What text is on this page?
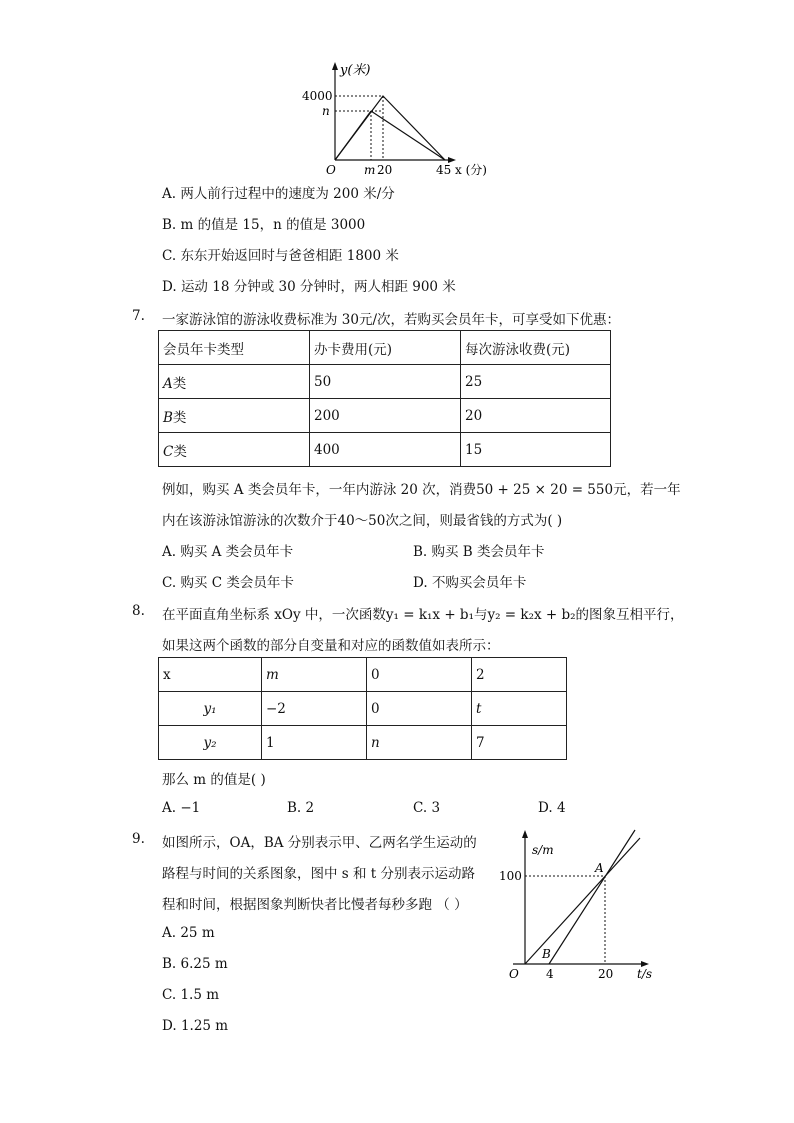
y(米)
4000
n
O m 20	45 x (分)
A. 两人前行过程中的速度为 200 米/分
B. m 的值是 15，n 的值是 3000
C. 东东开始返回时与爸爸相距 1800 米
D. 运动 18 分钟或 30 分钟时，两人相距 900 米
7. 一家游泳馆的游泳收费标准为 30元/次，若购买会员年卡，可享受如下优惠：
会员年卡类型	办卡费用(元)	每次游泳收费(元)
A类	50	25
B类	200	20
C类	400	15
例如，购买 A 类会员年卡，一年内游泳 20 次，消费50 + 25 × 20 = 550元，若一年
内在该游泳馆游泳的次数介于40～50次之间，则最省钱的方式为( )
A. 购买 A 类会员年卡	B. 购买 B 类会员年卡
C. 购买 C 类会员年卡	D. 不购买会员年卡
8. 在平面直角坐标系 xOy 中，一次函数y₁ = k₁x + b₁与y₂ = k₂x + b₂的图象互相平行，
如果这两个函数的部分自变量和对应的函数值如表所示：
x	m	0	2
y₁	−2	0	t
y₂	1	n	7
那么 m 的值是( )
A. −1	B. 2	C. 3	D. 4
9. 如图所示，OA，BA 分别表示甲、乙两名学生运动的
路程与时间的关系图象，图中 s 和 t 分别表示运动路
程和时间，根据图象判断快者比慢者每秒多跑 （ ）
A. 25 m
B. 6.25 m
C. 1.5 m
D. 1.25 m
s/m
100
A
B
O 4	20 t/s
